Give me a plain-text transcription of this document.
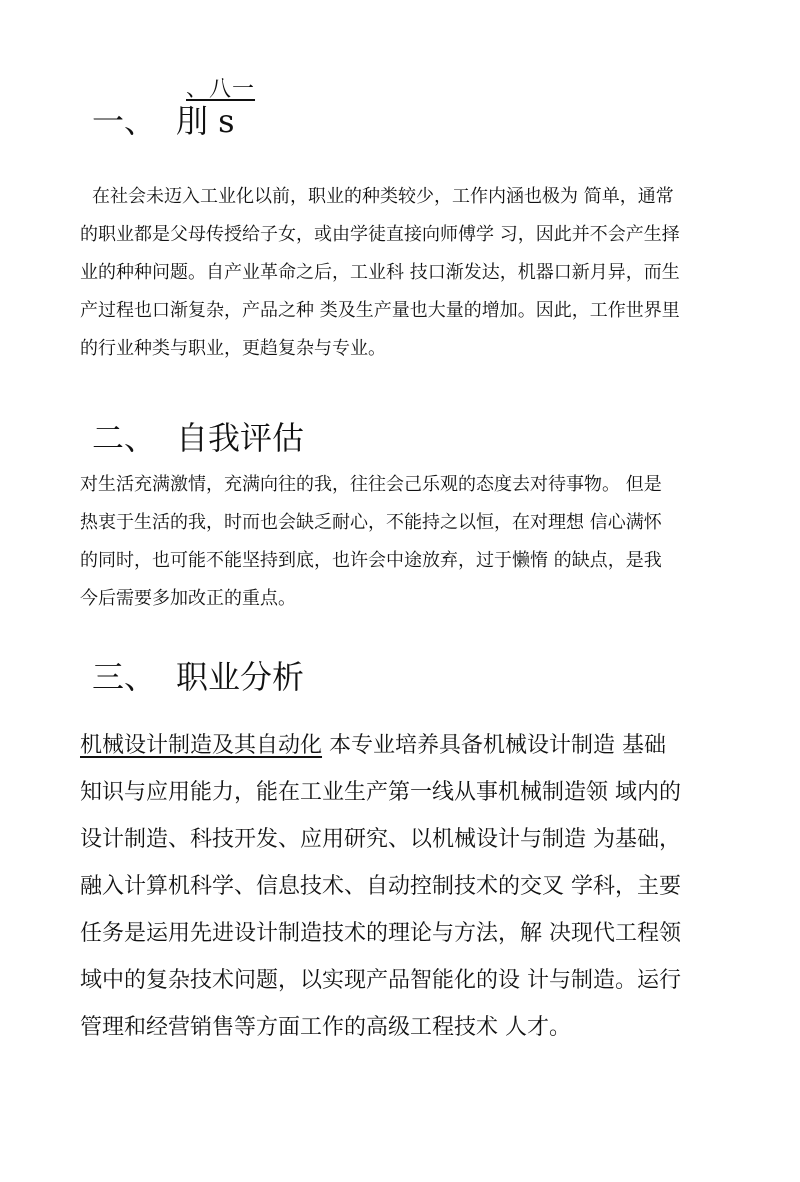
、八一
一、 刖 s
在社会未迈入工业化以前，职业的种类较少，工作内涵也极为 简单，通常
的职业都是父母传授给子女，或由学徒直接向师傅学 习，因此并不会产生择
业的种种问题。自产业革命之后，工业科 技口渐发达，机器口新月异，而生
产过程也口渐复杂，产品之种 类及生产量也大量的增加。因此，工作世界里
的行业种类与职业，更趋复杂与专业。
二、 自我评估
对生活充满激情，充满向往的我，往往会己乐观的态度去对待事物。 但是
热衷于生活的我，时而也会缺乏耐心，不能持之以恒，在对理想 信心满怀
的同时，也可能不能坚持到底，也许会中途放弃，过于懒惰 的缺点，是我
今后需要多加改正的重点。
三、 职业分析
机械设计制造及其自动化 本专业培养具备机械设计制造 基础
知识与应用能力，能在工业生产第一线从事机械制造领 域内的
设计制造、科技开发、应用研究、以机械设计与制造 为基础，
融入计算机科学、信息技术、自动控制技术的交叉 学科，主要
任务是运用先进设计制造技术的理论与方法，解 决现代工程领
域中的复杂技术问题，以实现产品智能化的设 计与制造。运行
管理和经营销售等方面工作的高级工程技术 人才。
